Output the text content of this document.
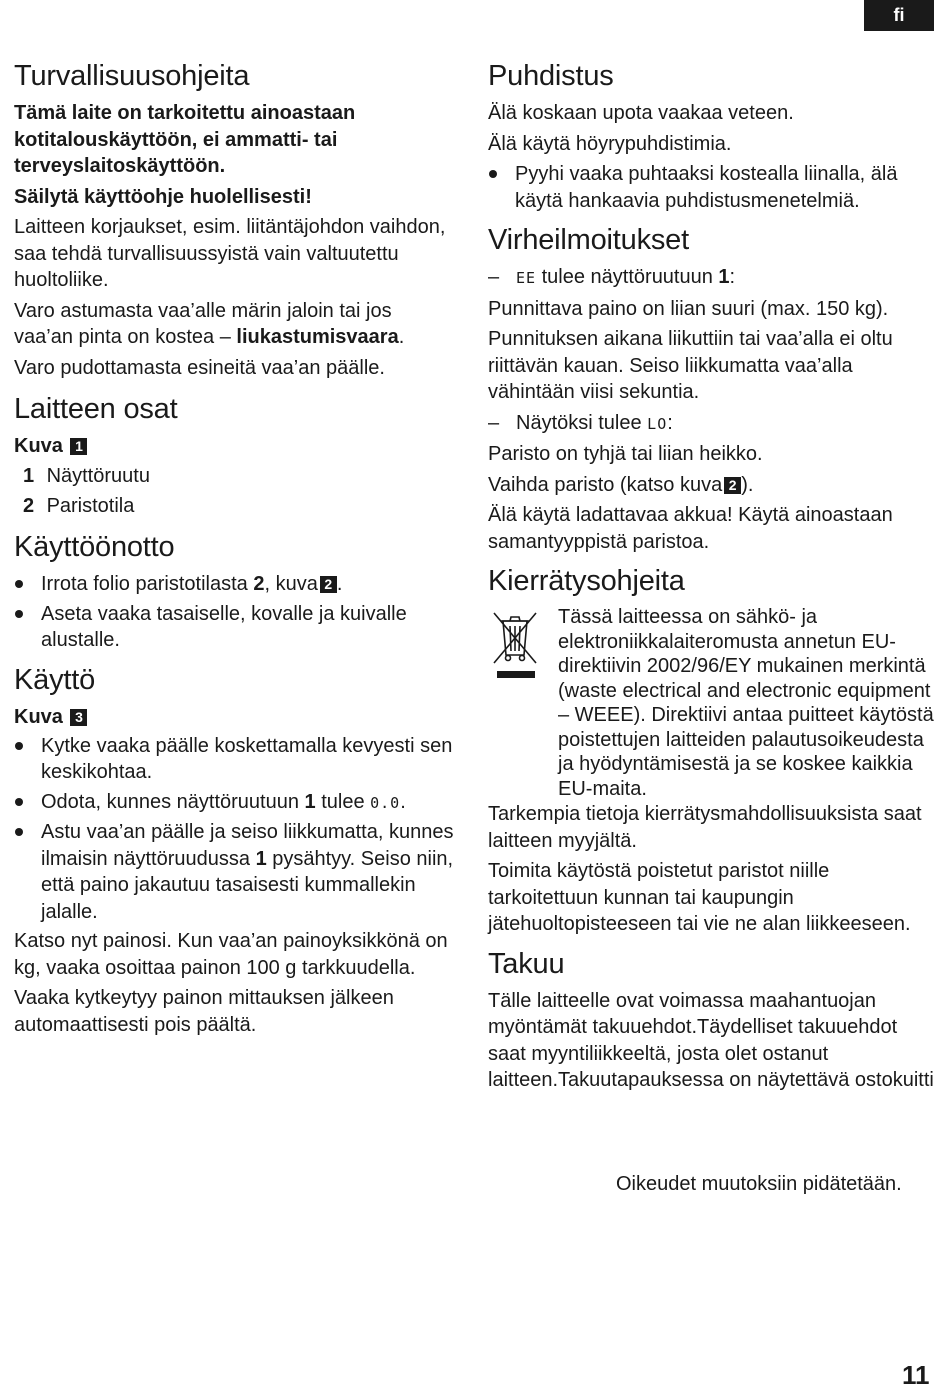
fi
Turvallisuusohjeita

Tämä laite on tarkoitettu ainoastaan kotitalouskäyttöön, ei ammatti- tai terveyslaitoskäyttöön.

Säilytä käyttöohje huolellisesti!

Laitteen korjaukset, esim. liitäntäjohdon vaihdon, saa tehdä turvallisuussyistä vain valtuutettu huoltoliike.

Varo astumasta vaa’alle märin jaloin tai jos vaa’an pinta on kostea – liukastumisvaara.

Varo pudottamasta esineitä vaa’an päälle.

Laitteen osat
Kuva 1
1 Näyttöruutu
2 Paristotila
Käyttöönotto
Irrota folio paristotilasta 2, kuva 2 .
Aseta vaaka tasaiselle, kovalle ja kuivalle alustalle.
Käyttö
Kuva 3
Kytke vaaka päälle koskettamalla kevyesti sen keskikohtaa.
Odota, kunnes näyttöruutuun 1 tulee 0.0.
Astu vaa’an päälle ja seiso liikkumatta, kunnes ilmaisin näyttöruudussa 1 pysähtyy. Seiso niin, että paino jakautuu tasaisesti kummallekin jalalle.

Katso nyt painosi. Kun vaa’an painoyksikkönä on kg, vaaka osoittaa painon 100 g tarkkuudella.

Vaaka kytkeytyy painon mittauksen jälkeen automaattisesti pois päältä.

Puhdistus

Älä koskaan upota vaakaa veteen.

Älä käytä höyrypuhdistimia.

Pyyhi vaaka puhtaaksi kostealla liinalla, älä käytä hankaavia puhdistusmenetelmiä.
Virheilmoitukset
– EE tulee näyttöruutuun 1:

Punnittava paino on liian suuri (max. 150 kg).

Punnituksen aikana liikuttiin tai vaa’alla ei oltu riittävän kauan. Seiso liikkumatta vaa’alla vähintään viisi sekuntia.

– Näytöksi tulee LO:

Paristo on tyhjä tai liian heikko.

Vaihda paristo (katso kuva 2 ).

Älä käytä ladattavaa akkua! Käytä ainoastaan samantyyppistä paristoa.

Kierrätysohjeita

Tässä laitteessa on sähkö- ja elektroniikkalaiteromusta annetun EU-direktiivin 2002/96/EY mukainen merkintä (waste electrical and electronic equipment – WEEE). Direktiivi antaa puitteet käytöstä poistettujen laitteiden palautusoikeudesta ja hyödyntämisestä ja se koskee kaikkia EU-maita.

Tarkempia tietoja kierrätysmahdollisuuksista saat laitteen myyjältä.

Toimita käytöstä poistetut paristot niille tarkoitettuun kunnan tai kaupungin jätehuoltopisteeseen tai vie ne alan liikkeeseen.

Takuu

Tälle laitteelle ovat voimassa maahantuojan myöntämät takuuehdot.Täydelliset takuuehdot saat myyntiliikkeeltä, josta olet ostanut laitteen.Takuutapauksessa on näytettävä ostokuitti

Oikeudet muutoksiin pidätetään.
11
